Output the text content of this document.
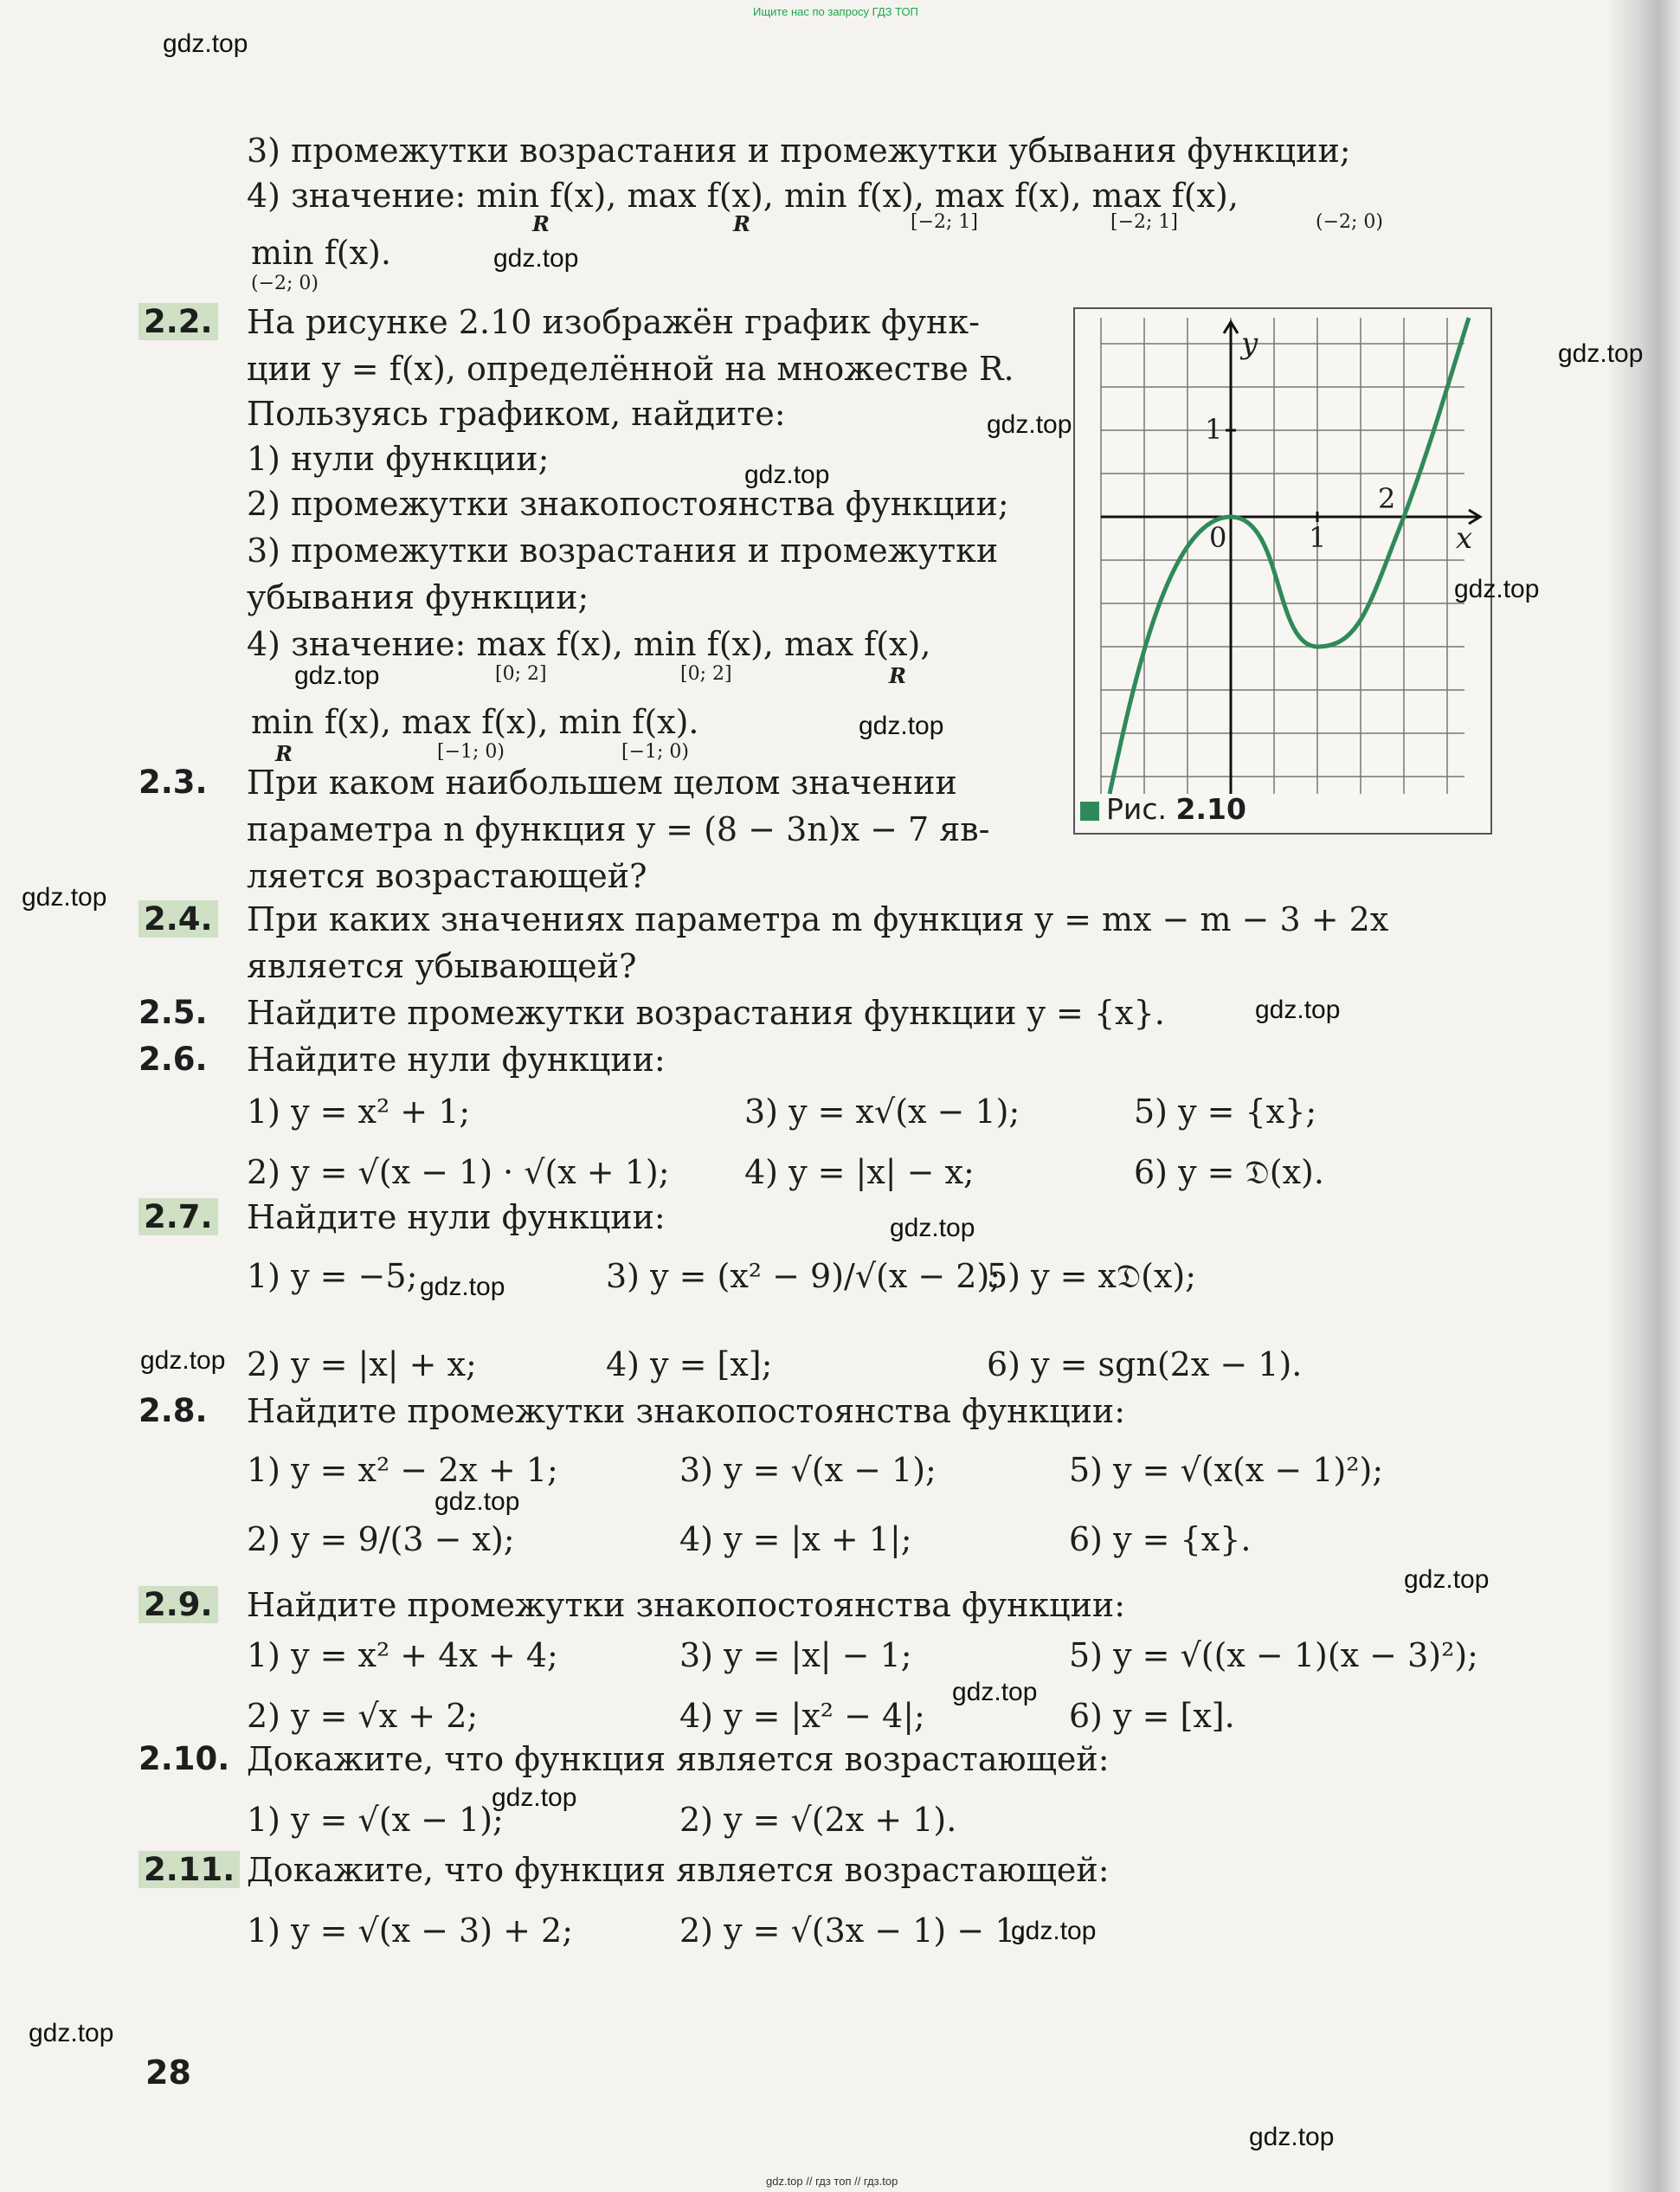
Ищите нас по запросу ГДЗ ТОП
3) промежутки возрастания и промежутки убывания функции;
4) значение: min f(x), max f(x), min f(x), max f(x), max f(x),
min f(x).
R	R	[−2; 1]	[−2; 1]	(−2; 0)
(−2; 0)
2.2. На рисунке 2.10 изображён график функ-
ции y = f(x), определённой на множестве R.
Пользуясь графиком, найдите:
1) нули функции;
2) промежутки знакопостоянства функции;
3) промежутки возрастания и промежутки
убывания функции;
4) значение: max f(x), min f(x), max f(x),
[0; 2]	[0; 2]	R
min f(x), max f(x), min f(x).
R	[−1; 0)	[−1; 0)
y
x
1
0	1
2
Рис. 2.10
2.3. При каком наибольшем целом значении
параметра n функция y = (8 − 3n)x − 7 яв-
ляется возрастающей?
2.4. При каких значениях параметра m функция y = mx − m − 3 + 2x
является убывающей?
2.5. Найдите промежутки возрастания функции y = {x}.
2.6. Найдите нули функции:
1) y = x² + 1;	3) y = x√(x − 1);	5) y = {x};
2) y = √(x − 1) · √(x + 1); 4) y = |x| − x;	6) y = 𝔇(x).
2.7. Найдите нули функции:
1) y = −5;	3) y = (x² − 9)/√(x − 2);
5) y = x𝔇(x);
2) y = |x| + x;	4) y = [x];	6) y = sgn(2x − 1).
2.8. Найдите промежутки знакопостоянства функции:
1) y = x² − 2x + 1;	3) y = √(x − 1);	5) y = √(x(x − 1)²);
2) y = 9/(3 − x);	4) y = |x + 1|;	6) y = {x}.
2.9. Найдите промежутки знакопостоянства функции:
1) y = x² + 4x + 4;	3) y = |x| − 1;	5) y = √((x − 1)(x − 3)²);
2) y = √x + 2;	4) y = |x² − 4|;	6) y = [x].
2.10. Докажите, что функция является возрастающей:
1) y = √(x − 1);	2) y = √(2x + 1).
2.11. Докажите, что функция является возрастающей:
1) y = √(x − 3) + 2;	2) y = √(3x − 1) − 1.
28
gdz.top
gdz.top
gdz.top
gdz.top
gdz.top
gdz.top
gdz.top
gdz.top
gdz.top
gdz.top
gdz.top
gdz.top
gdz.top
gdz.top
gdz.top
gdz.top
gdz.top
gdz.top
gdz.top
gdz.top
gdz.top // гдз топ // гдз.top
